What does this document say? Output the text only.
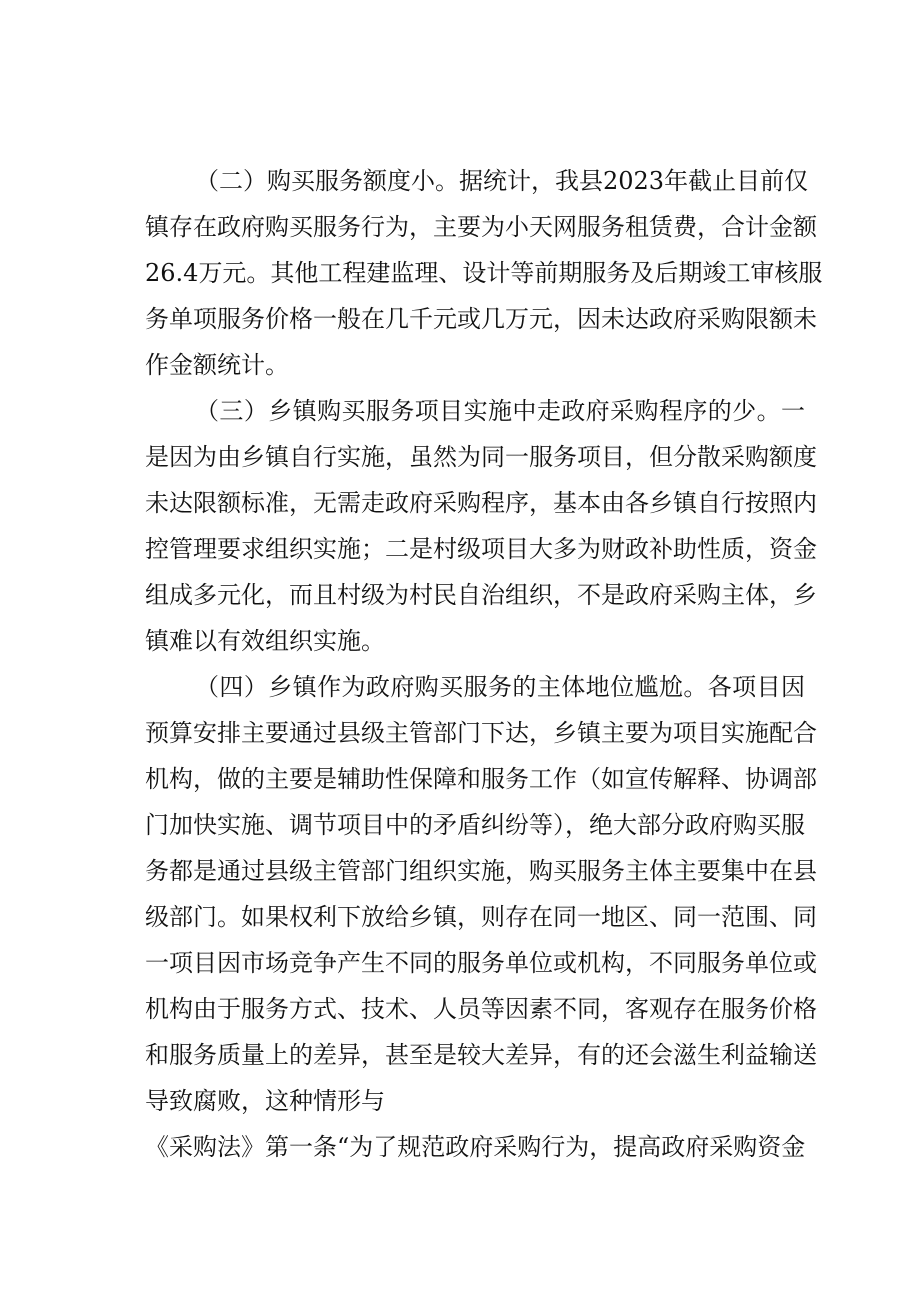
（二）购买服务额度小。据统计，我县2023年截止目前仅
镇存在政府购买服务行为，主要为小天网服务租赁费，合计金额
26.4万元。其他工程建监理、设计等前期服务及后期竣工审核服
务单项服务价格一般在几千元或几万元，因未达政府采购限额未
作金额统计。
（三）乡镇购买服务项目实施中走政府采购程序的少。一
是因为由乡镇自行实施，虽然为同一服务项目，但分散采购额度
未达限额标准，无需走政府采购程序，基本由各乡镇自行按照内
控管理要求组织实施；二是村级项目大多为财政补助性质，资金
组成多元化，而且村级为村民自治组织，不是政府采购主体，乡
镇难以有效组织实施。
（四）乡镇作为政府购买服务的主体地位尴尬。各项目因
预算安排主要通过县级主管部门下达，乡镇主要为项目实施配合
机构，做的主要是辅助性保障和服务工作（如宣传解释、协调部
门加快实施、调节项目中的矛盾纠纷等），绝大部分政府购买服
务都是通过县级主管部门组织实施，购买服务主体主要集中在县
级部门。如果权利下放给乡镇，则存在同一地区、同一范围、同
一项目因市场竞争产生不同的服务单位或机构，不同服务单位或
机构由于服务方式、技术、人员等因素不同，客观存在服务价格
和服务质量上的差异，甚至是较大差异，有的还会滋生利益输送
导致腐败，这种情形与
《采购法》第一条“为了规范政府采购行为，提高政府采购资金
